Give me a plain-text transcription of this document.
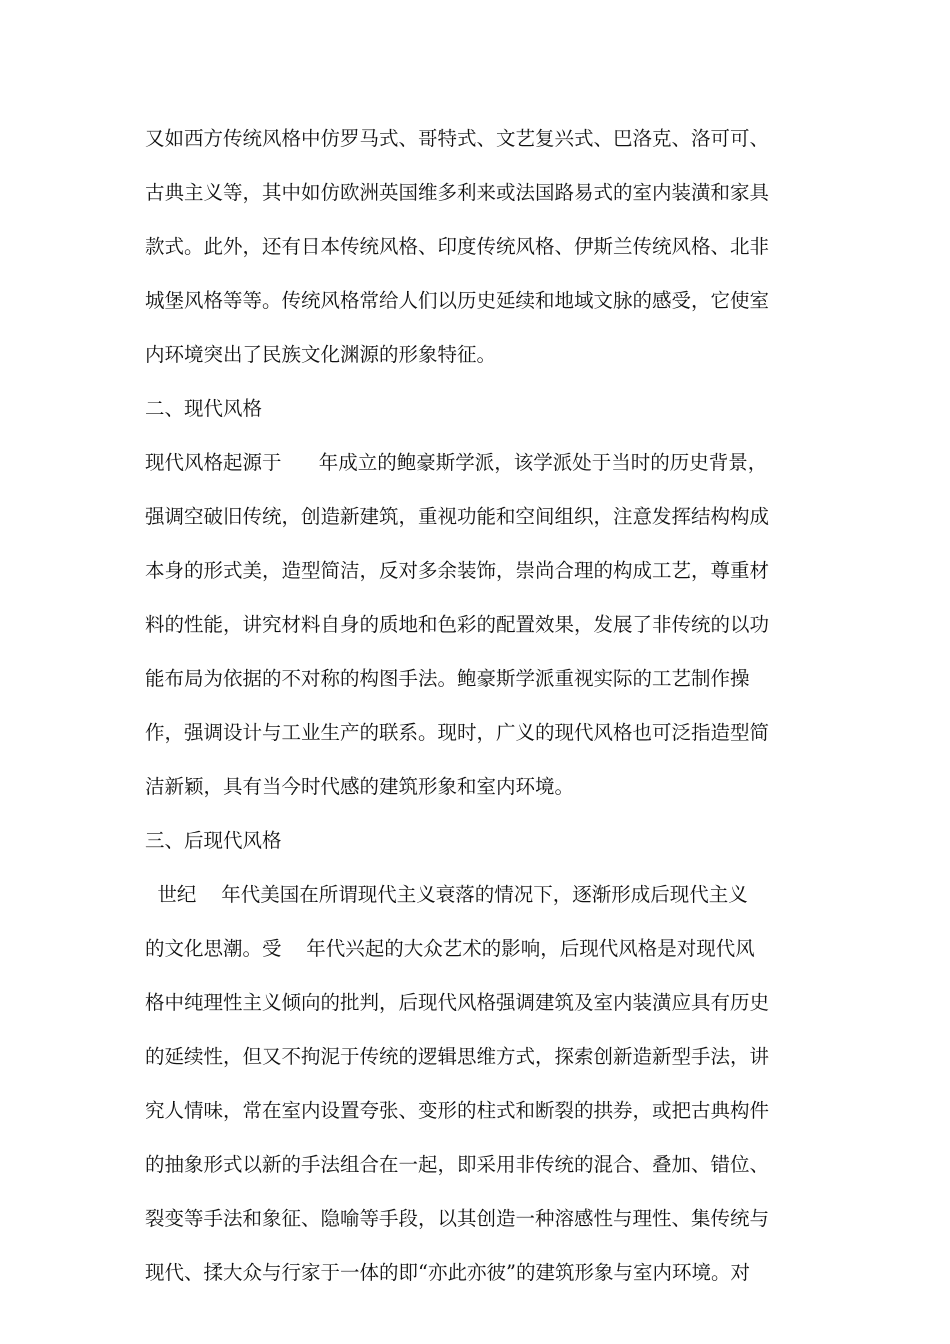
又如西方传统风格中仿罗马式、哥特式、文艺复兴式、巴洛克、洛可可、
古典主义等，其中如仿欧洲英国维多利来或法国路易式的室内装潢和家具
款式。此外，还有日本传统风格、印度传统风格、伊斯兰传统风格、北非
城堡风格等等。传统风格常给人们以历史延续和地域文脉的感受，它使室
内环境突出了民族文化渊源的形象特征。
二、现代风格
现代风格起源于      年成立的鲍豪斯学派，该学派处于当时的历史背景，
强调空破旧传统，创造新建筑，重视功能和空间组织，注意发挥结构构成
本身的形式美，造型简洁，反对多余装饰，崇尚合理的构成工艺，尊重材
料的性能，讲究材料自身的质地和色彩的配置效果，发展了非传统的以功
能布局为依据的不对称的构图手法。鲍豪斯学派重视实际的工艺制作操
作，强调设计与工业生产的联系。现时，广义的现代风格也可泛指造型简
洁新颖，具有当今时代感的建筑形象和室内环境。
三、后现代风格
世纪    年代美国在所谓现代主义衰落的情况下，逐渐形成后现代主义
的文化思潮。受    年代兴起的大众艺术的影响，后现代风格是对现代风
格中纯理性主义倾向的批判，后现代风格强调建筑及室内装潢应具有历史
的延续性，但又不拘泥于传统的逻辑思维方式，探索创新造新型手法，讲
究人情味，常在室内设置夸张、变形的柱式和断裂的拱券，或把古典构件
的抽象形式以新的手法组合在一起，即采用非传统的混合、叠加、错位、
裂变等手法和象征、隐喻等手段，以其创造一种溶感性与理性、集传统与
现代、揉大众与行家于一体的即“亦此亦彼”的建筑形象与室内环境。对
